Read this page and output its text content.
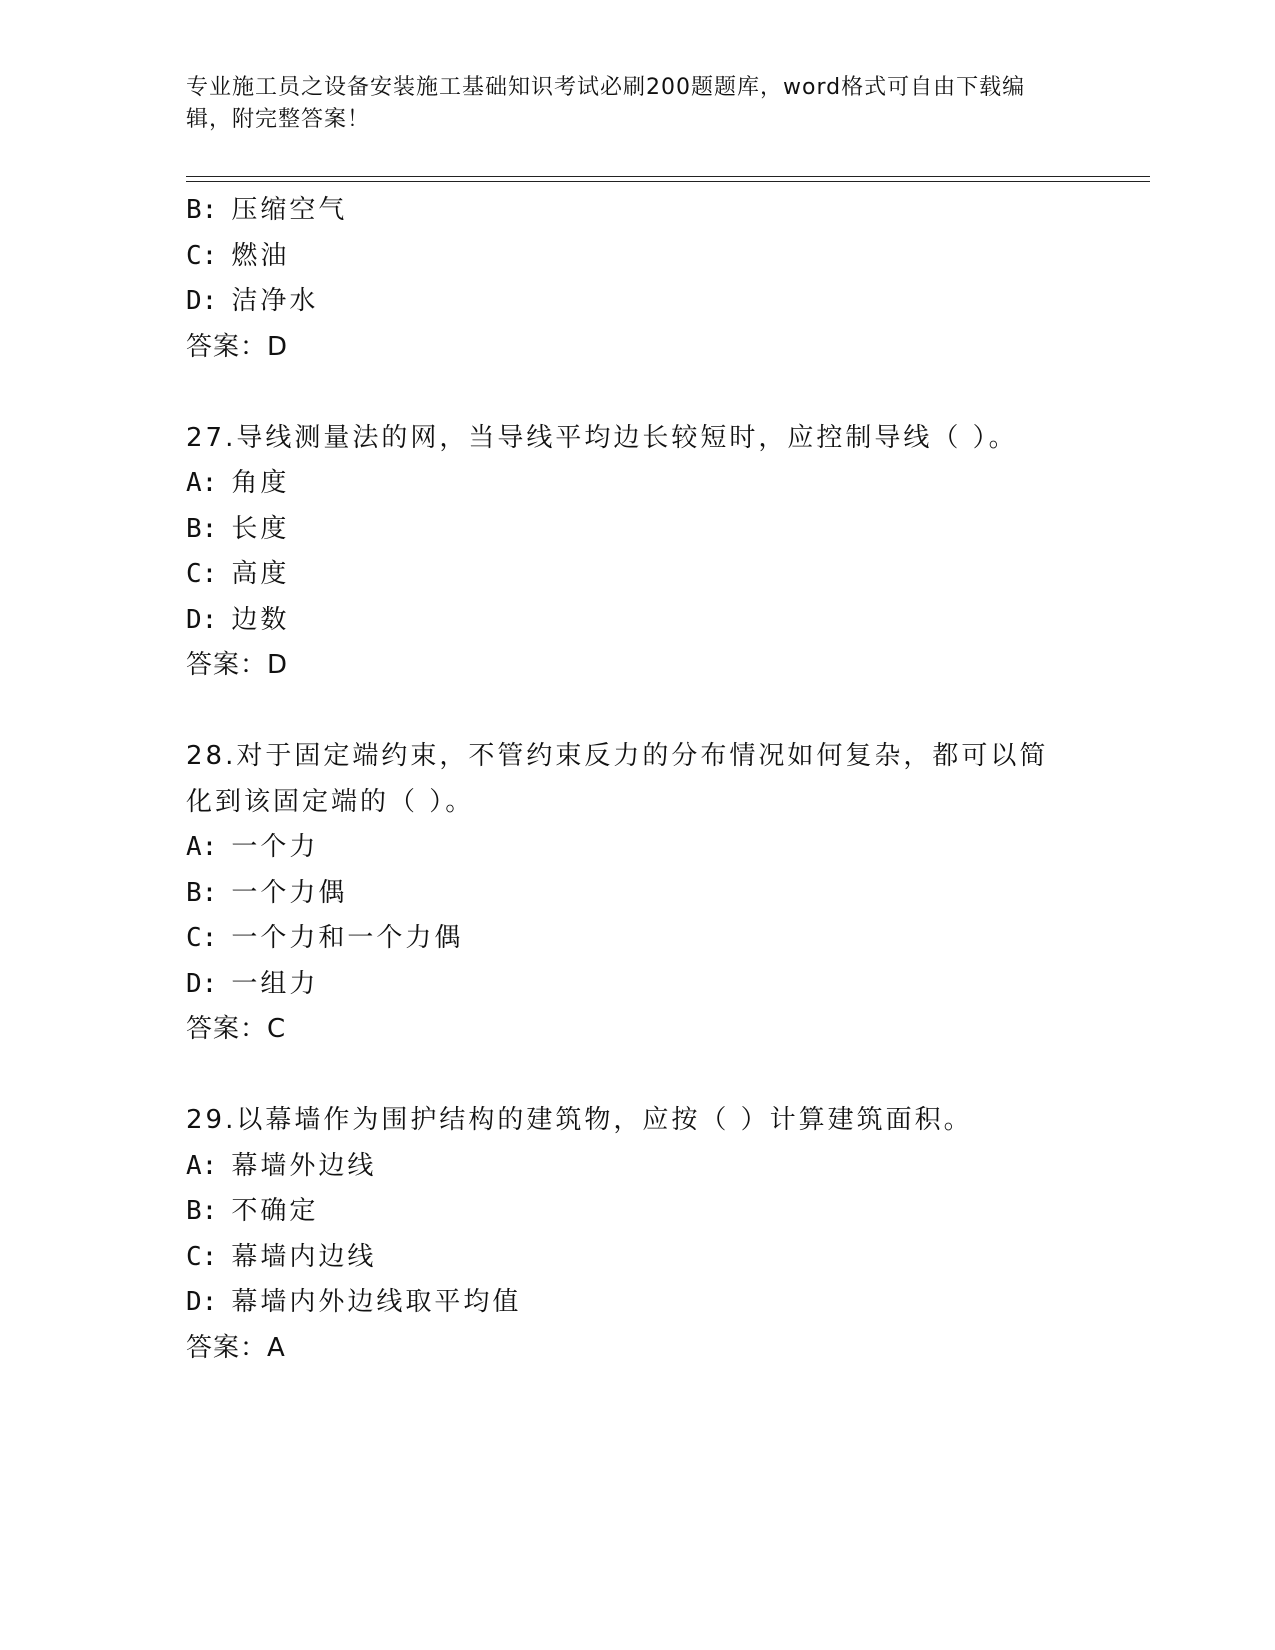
专业施工员之设备安装施工基础知识考试必刷200题题库，word格式可自由下载编辑，附完整答案！
B: 压缩空气
C: 燃油
D: 洁净水
答案：D
27.导线测量法的网，当导线平均边长较短时，应控制导线（ ）。
A: 角度
B: 长度
C: 高度
D: 边数
答案：D
28.对于固定端约束，不管约束反力的分布情况如何复杂，都可以简化到该固定端的（ ）。
A: 一个力
B: 一个力偶
C: 一个力和一个力偶
D: 一组力
答案：C
29.以幕墙作为围护结构的建筑物，应按（ ）计算建筑面积。
A: 幕墙外边线
B: 不确定
C: 幕墙内边线
D: 幕墙内外边线取平均值
答案：A
